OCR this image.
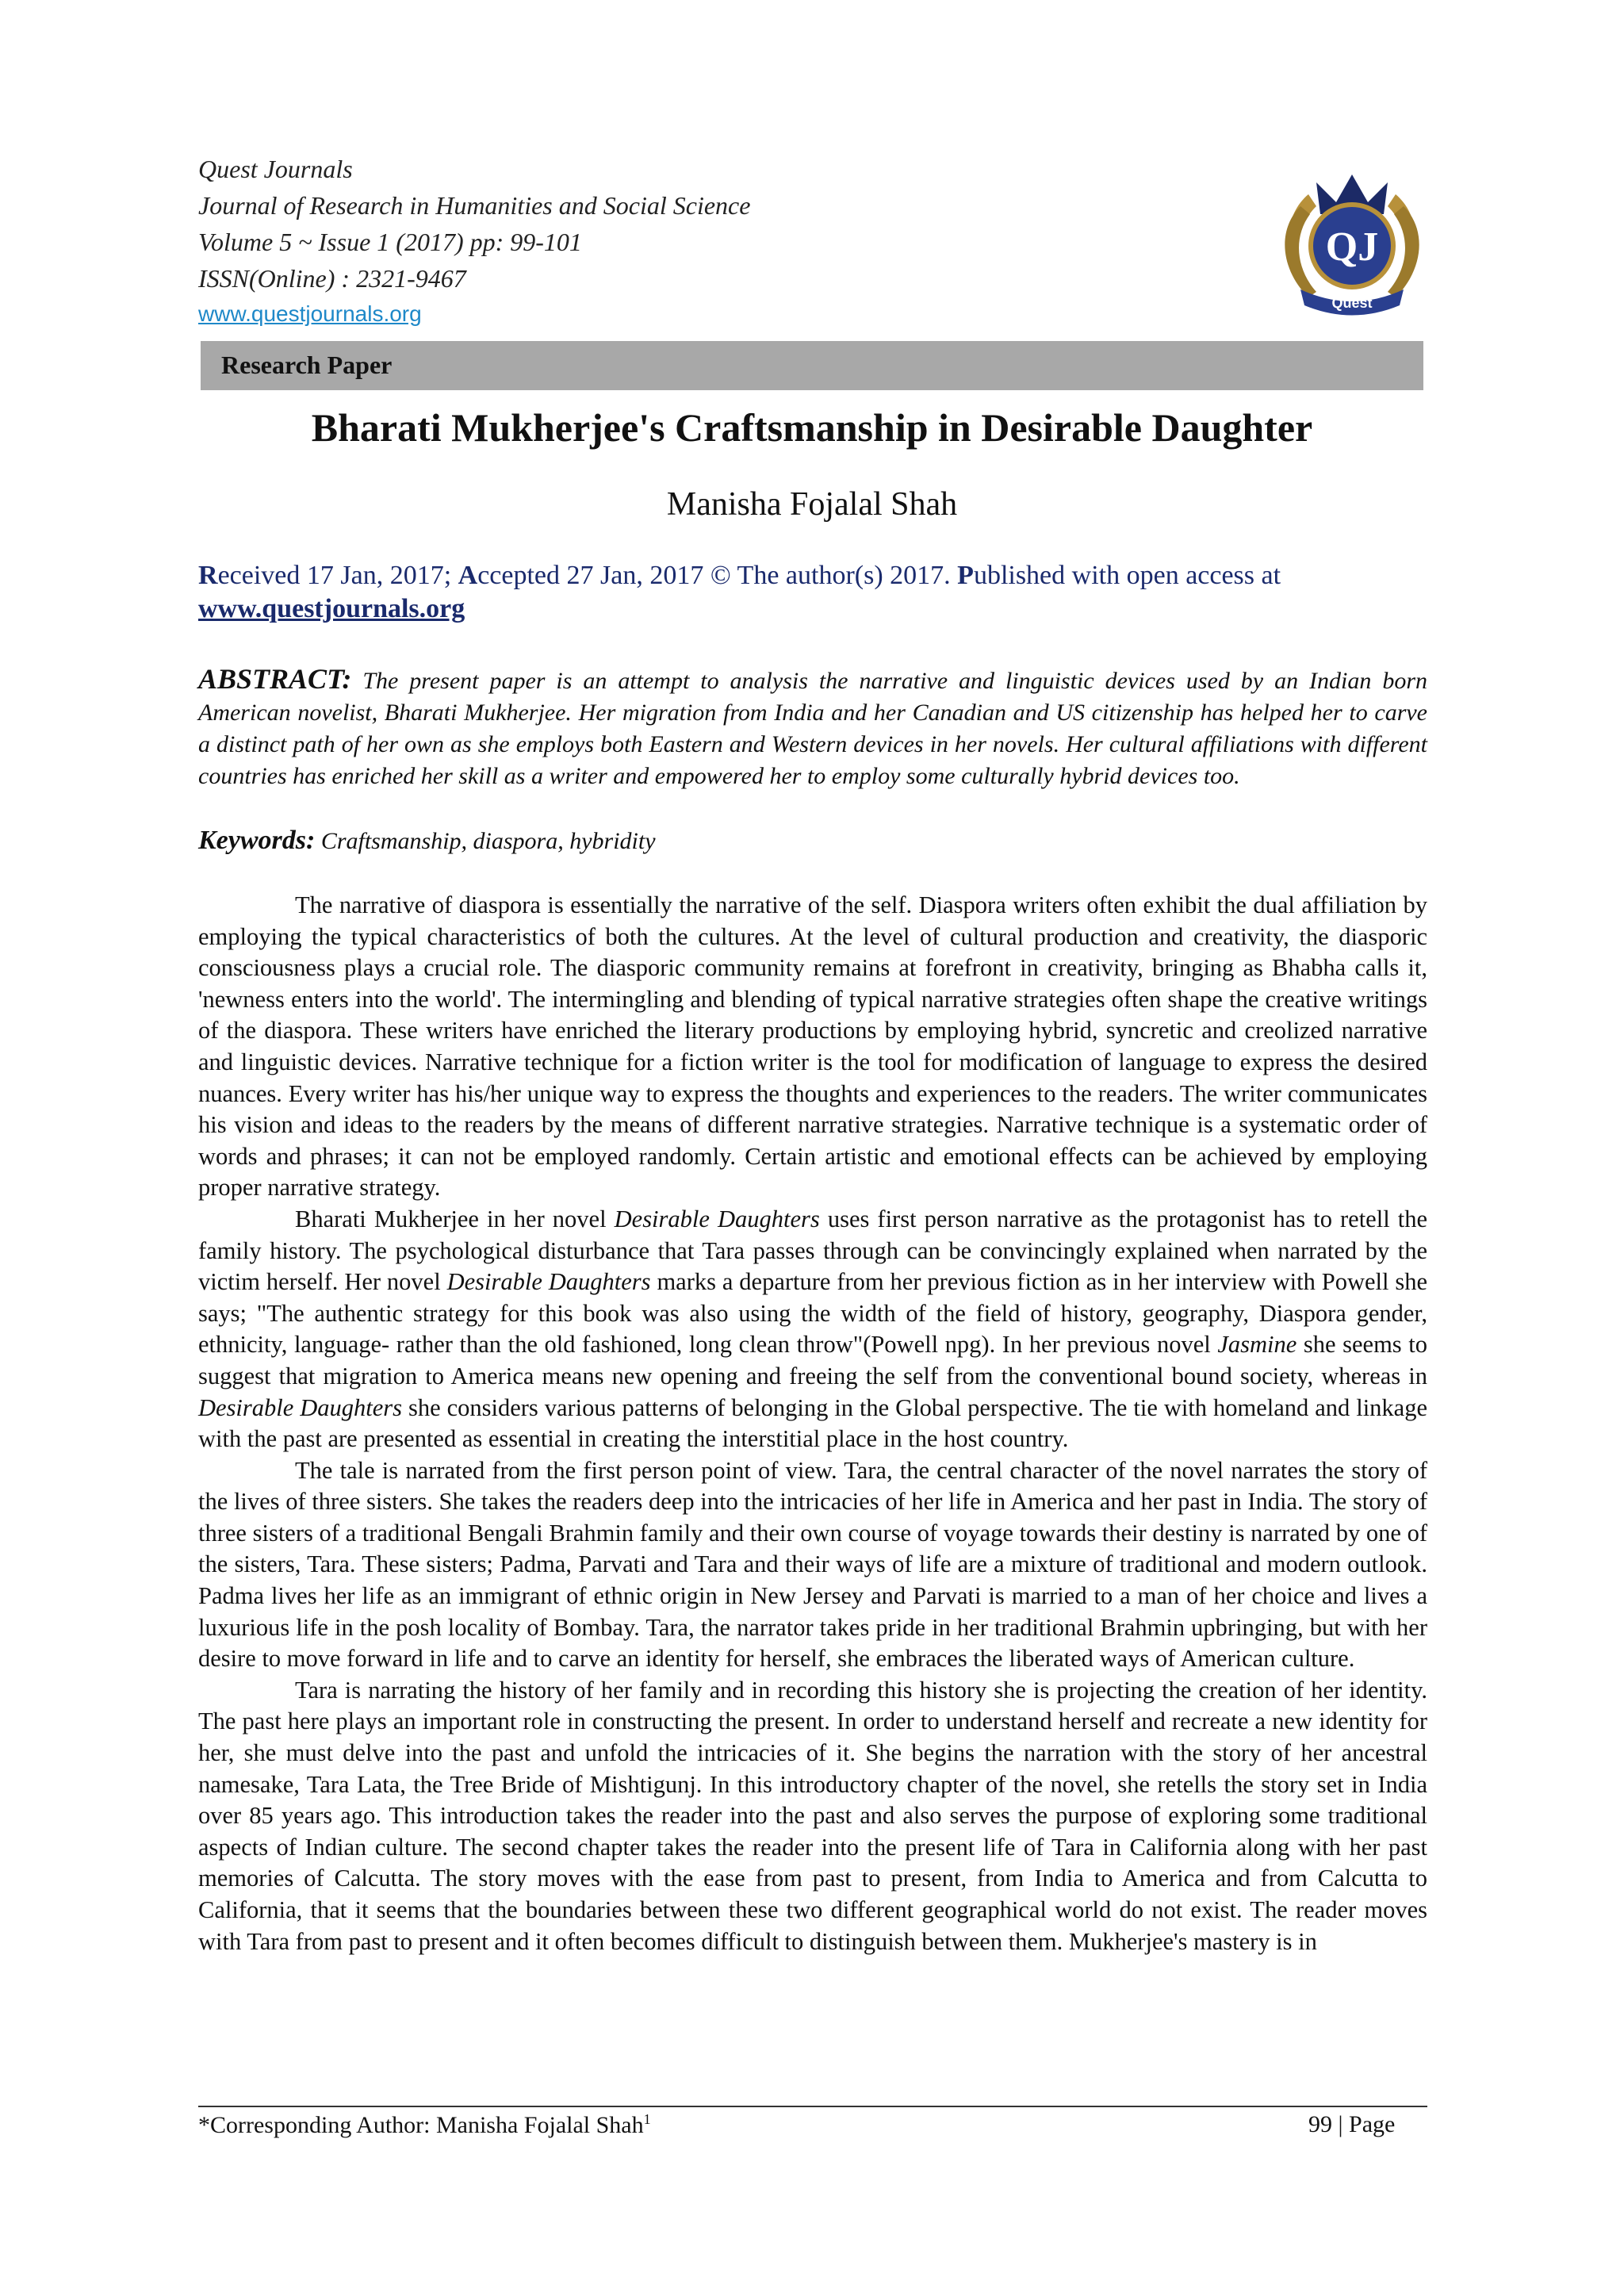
Quest Journals

Journal of Research in Humanities and Social Science

Volume 5 ~ Issue 1 (2017) pp: 99-101

ISSN(Online) : 2321-9467

www.questjournals.org
QJ
Quest
Research Paper
Bharati Mukherjee's Craftsmanship in Desirable Daughter

Manisha Fojalal Shah

Received 17 Jan, 2017; Accepted 27 Jan, 2017 © The author(s) 2017. Published with open access at
www.questjournals.org

ABSTRACT: The present paper is an attempt to analysis the narrative and linguistic devices used by an Indian born American novelist, Bharati Mukherjee. Her migration from India and her Canadian and US citizenship has helped her to carve a distinct path of her own as she employs both Eastern and Western devices in her novels. Her cultural affiliations with different countries has enriched her skill as a writer and empowered her to employ some culturally hybrid devices too.

Keywords: Craftsmanship, diaspora, hybridity

The narrative of diaspora is essentially the narrative of the self. Diaspora writers often exhibit the dual affiliation by employing the typical characteristics of both the cultures. At the level of cultural production and creativity, the diasporic consciousness plays a crucial role. The diasporic community remains at forefront in creativity, bringing as Bhabha calls it, 'newness enters into the world'. The intermingling and blending of typical narrative strategies often shape the creative writings of the diaspora. These writers have enriched the literary productions by employing hybrid, syncretic and creolized narrative and linguistic devices. Narrative technique for a fiction writer is the tool for modification of language to express the desired nuances. Every writer has his/her unique way to express the thoughts and experiences to the readers. The writer communicates his vision and ideas to the readers by the means of different narrative strategies. Narrative technique is a systematic order of words and phrases; it can not be employed randomly. Certain artistic and emotional effects can be achieved by employing proper narrative strategy.

Bharati Mukherjee in her novel Desirable Daughters uses first person narrative as the protagonist has to retell the family history. The psychological disturbance that Tara passes through can be convincingly explained when narrated by the victim herself. Her novel Desirable Daughters marks a departure from her previous fiction as in her interview with Powell she says; "The authentic strategy for this book was also using the width of the field of history, geography, Diaspora gender, ethnicity, language- rather than the old fashioned, long clean throw"(Powell npg). In her previous novel Jasmine she seems to suggest that migration to America means new opening and freeing the self from the conventional bound society, whereas in Desirable Daughters she considers various patterns of belonging in the Global perspective. The tie with homeland and linkage with the past are presented as essential in creating the interstitial place in the host country.

The tale is narrated from the first person point of view. Tara, the central character of the novel narrates the story of the lives of three sisters. She takes the readers deep into the intricacies of her life in America and her past in India. The story of three sisters of a traditional Bengali Brahmin family and their own course of voyage towards their destiny is narrated by one of the sisters, Tara. These sisters; Padma, Parvati and Tara and their ways of life are a mixture of traditional and modern outlook. Padma lives her life as an immigrant of ethnic origin in New Jersey and Parvati is married to a man of her choice and lives a luxurious life in the posh locality of Bombay. Tara, the narrator takes pride in her traditional Brahmin upbringing, but with her desire to move forward in life and to carve an identity for herself, she embraces the liberated ways of American culture.

Tara is narrating the history of her family and in recording this history she is projecting the creation of her identity. The past here plays an important role in constructing the present. In order to understand herself and recreate a new identity for her, she must delve into the past and unfold the intricacies of it. She begins the narration with the story of her ancestral namesake, Tara Lata, the Tree Bride of Mishtigunj. In this introductory chapter of the novel, she retells the story set in India over 85 years ago. This introduction takes the reader into the past and also serves the purpose of exploring some traditional aspects of Indian culture. The second chapter takes the reader into the present life of Tara in California along with her past memories of Calcutta. The story moves with the ease from past to present, from India to America and from Calcutta to California, that it seems that the boundaries between these two different geographical world do not exist. The reader moves with Tara from past to present and it often becomes difficult to distinguish between them. Mukherjee's mastery is in

*Corresponding Author: Manisha Fojalal Shah$^1$	99 | Page
